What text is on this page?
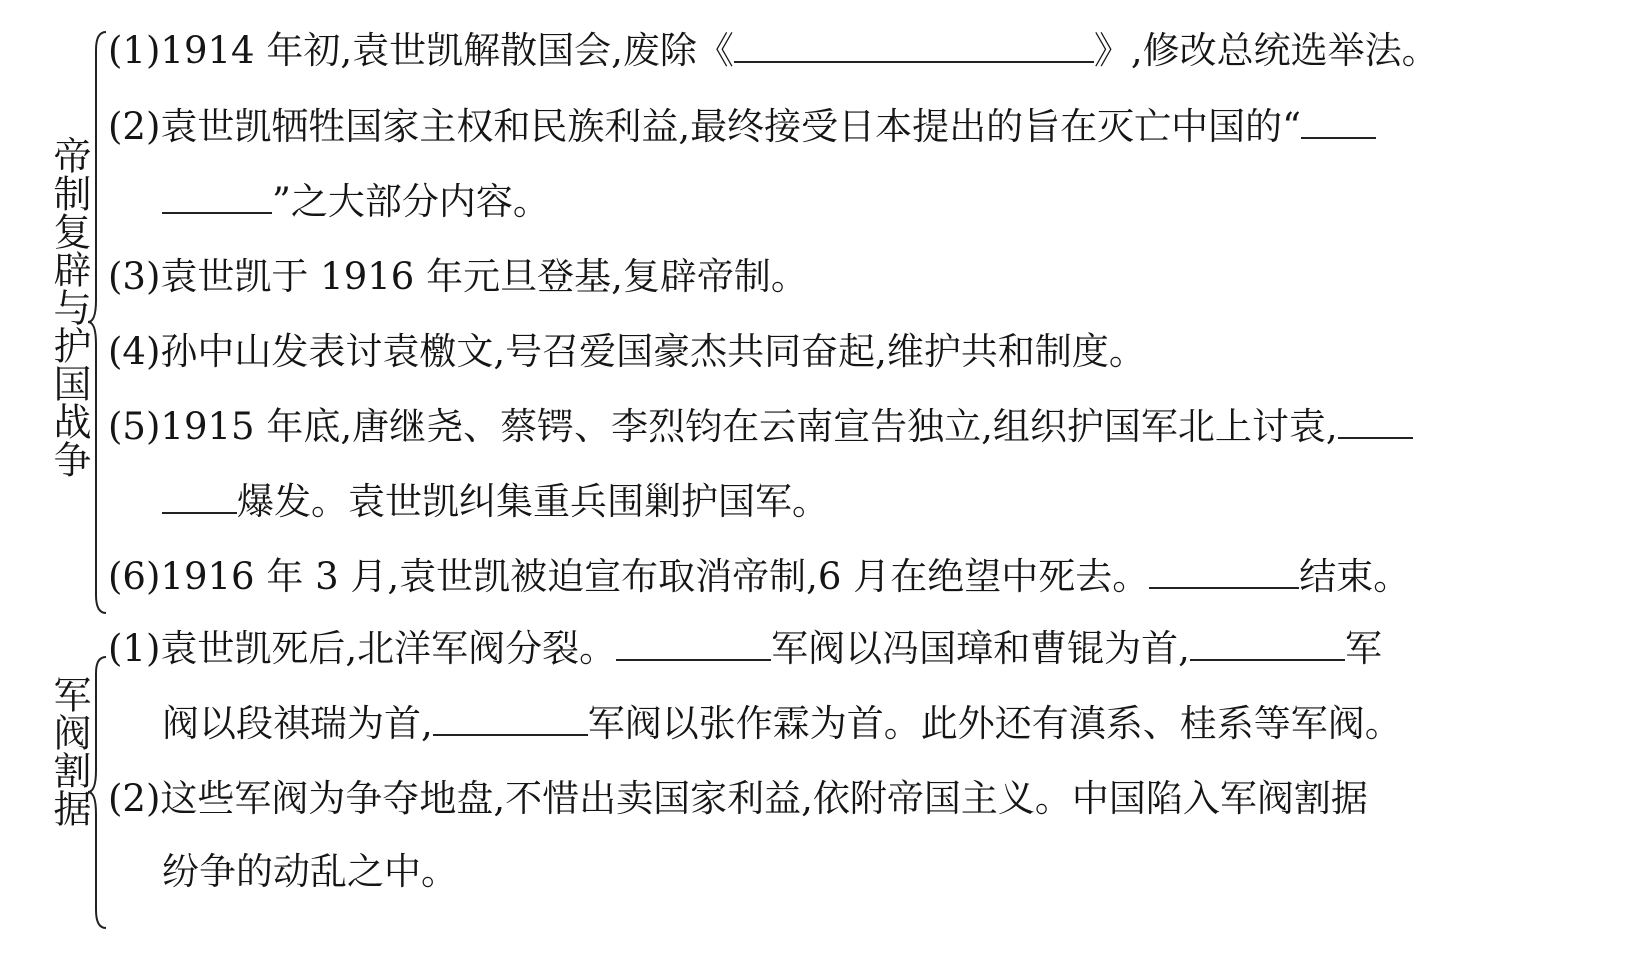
帝制复辟与护国战争
(1)1914 年初,袁世凯解散国会,废除《	》,修改总统选举法。
(2)袁世凯牺牲国家主权和民族利益,最终接受日本提出的旨在灭亡中国的“
”之大部分内容。
(3)袁世凯于 1916 年元旦登基,复辟帝制。
(4)孙中山发表讨袁檄文,号召爱国豪杰共同奋起,维护共和制度。
(5)1915 年底,唐继尧、蔡锷、李烈钧在云南宣告独立,组织护国军北上讨袁,
爆发。袁世凯纠集重兵围剿护国军。
(6)1916 年 3 月,袁世凯被迫宣布取消帝制,6 月在绝望中死去。	结束。
军阀割据
(1)袁世凯死后,北洋军阀分裂。	军阀以冯国璋和曹锟为首,	军
阀以段祺瑞为首,	军阀以张作霖为首。此外还有滇系、桂系等军阀。
(2)这些军阀为争夺地盘,不惜出卖国家利益,依附帝国主义。中国陷入军阀割据
纷争的动乱之中。
